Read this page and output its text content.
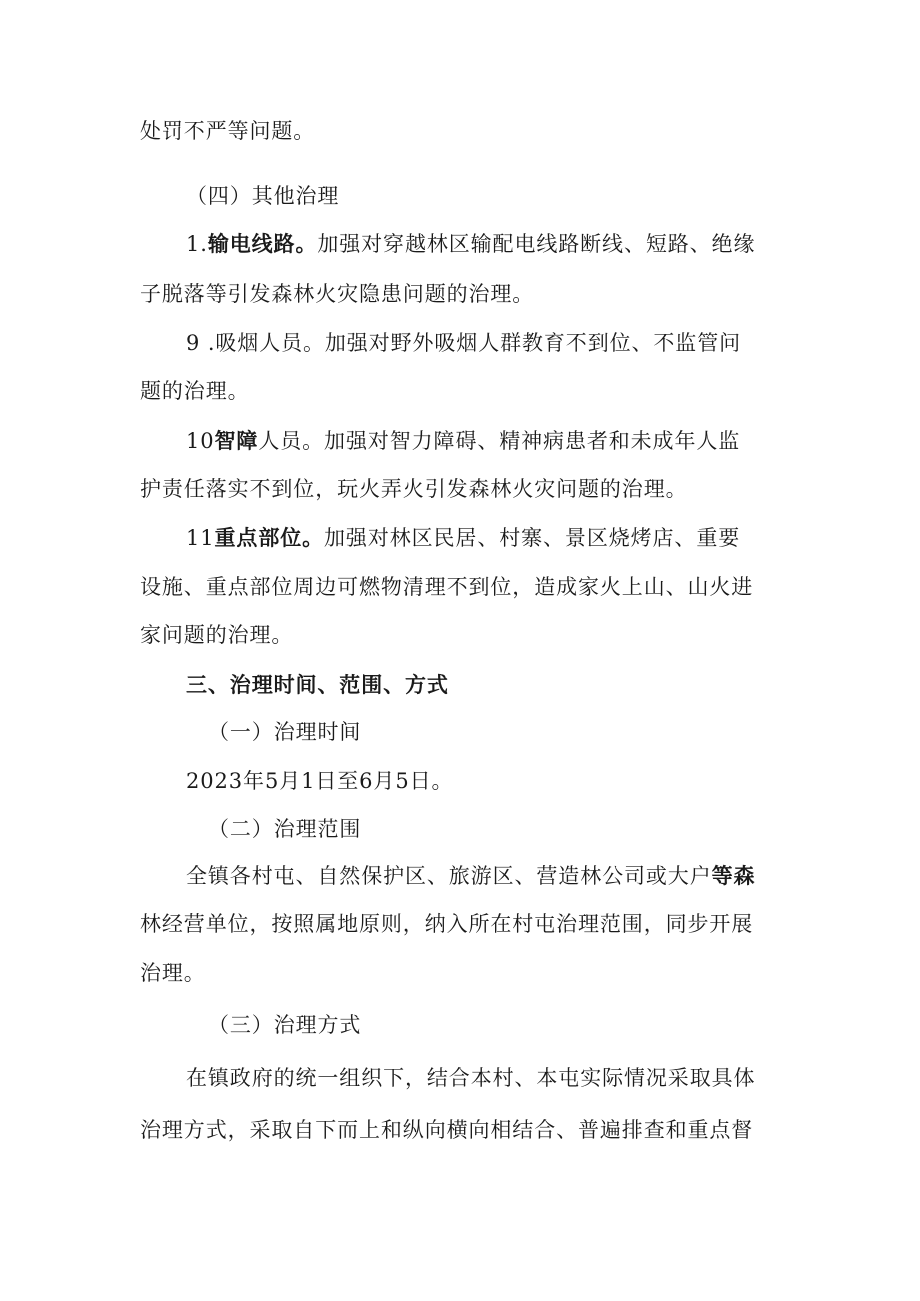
处罚不严等问题。
（四）其他治理
1.输电线路。加强对穿越林区输配电线路断线、短路、绝缘
子脱落等引发森林火灾隐患问题的治理。
9 .吸烟人员。加强对野外吸烟人群教育不到位、不监管问
题的治理。
10智障人员。加强对智力障碍、精神病患者和未成年人监
护责任落实不到位，玩火弄火引发森林火灾问题的治理。
11重点部位。加强对林区民居、村寨、景区烧烤店、重要
设施、重点部位周边可燃物清理不到位，造成家火上山、山火进
家问题的治理。
三、治理时间、范围、方式
（一）治理时间
2023年5月1日至6月5日。
（二）治理范围
全镇各村屯、自然保护区、旅游区、营造林公司或大户等森
林经营单位，按照属地原则，纳入所在村屯治理范围，同步开展
治理。
（三）治理方式
在镇政府的统一组织下，结合本村、本屯实际情况采取具体
治理方式，采取自下而上和纵向横向相结合、普遍排查和重点督
